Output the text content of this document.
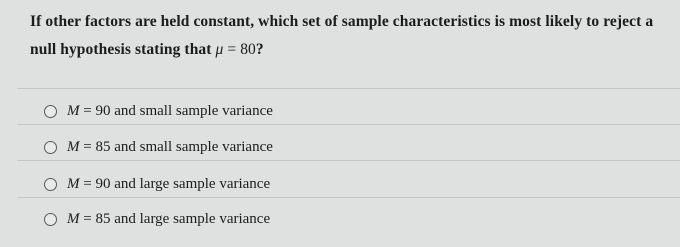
If other factors are held constant, which set of sample characteristics is most likely to reject a
null hypothesis stating that μ = 80?
M = 90 and small sample variance
M = 85 and small sample variance
M = 90 and large sample variance
M = 85 and large sample variance
